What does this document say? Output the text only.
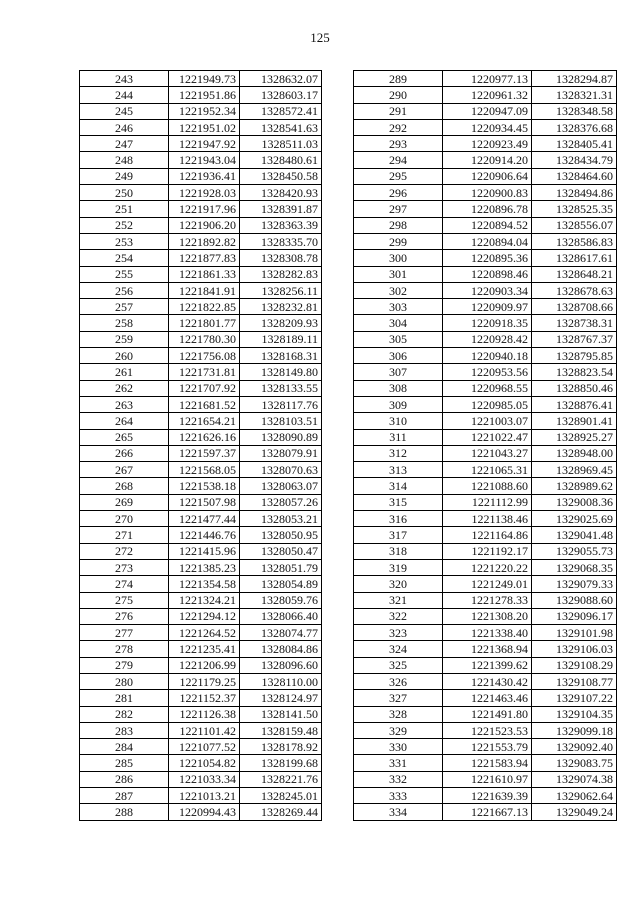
125
243	1221949.73	1328632.07
244	1221951.86	1328603.17
245	1221952.34	1328572.41
246	1221951.02	1328541.63
247	1221947.92	1328511.03
248	1221943.04	1328480.61
249	1221936.41	1328450.58
250	1221928.03	1328420.93
251	1221917.96	1328391.87
252	1221906.20	1328363.39
253	1221892.82	1328335.70
254	1221877.83	1328308.78
255	1221861.33	1328282.83
256	1221841.91	1328256.11
257	1221822.85	1328232.81
258	1221801.77	1328209.93
259	1221780.30	1328189.11
260	1221756.08	1328168.31
261	1221731.81	1328149.80
262	1221707.92	1328133.55
263	1221681.52	1328117.76
264	1221654.21	1328103.51
265	1221626.16	1328090.89
266	1221597.37	1328079.91
267	1221568.05	1328070.63
268	1221538.18	1328063.07
269	1221507.98	1328057.26
270	1221477.44	1328053.21
271	1221446.76	1328050.95
272	1221415.96	1328050.47
273	1221385.23	1328051.79
274	1221354.58	1328054.89
275	1221324.21	1328059.76
276	1221294.12	1328066.40
277	1221264.52	1328074.77
278	1221235.41	1328084.86
279	1221206.99	1328096.60
280	1221179.25	1328110.00
281	1221152.37	1328124.97
282	1221126.38	1328141.50
283	1221101.42	1328159.48
284	1221077.52	1328178.92
285	1221054.82	1328199.68
286	1221033.34	1328221.76
287	1221013.21	1328245.01
288	1220994.43	1328269.44
289	1220977.13	1328294.87
290	1220961.32	1328321.31
291	1220947.09	1328348.58
292	1220934.45	1328376.68
293	1220923.49	1328405.41
294	1220914.20	1328434.79
295	1220906.64	1328464.60
296	1220900.83	1328494.86
297	1220896.78	1328525.35
298	1220894.52	1328556.07
299	1220894.04	1328586.83
300	1220895.36	1328617.61
301	1220898.46	1328648.21
302	1220903.34	1328678.63
303	1220909.97	1328708.66
304	1220918.35	1328738.31
305	1220928.42	1328767.37
306	1220940.18	1328795.85
307	1220953.56	1328823.54
308	1220968.55	1328850.46
309	1220985.05	1328876.41
310	1221003.07	1328901.41
311	1221022.47	1328925.27
312	1221043.27	1328948.00
313	1221065.31	1328969.45
314	1221088.60	1328989.62
315	1221112.99	1329008.36
316	1221138.46	1329025.69
317	1221164.86	1329041.48
318	1221192.17	1329055.73
319	1221220.22	1329068.35
320	1221249.01	1329079.33
321	1221278.33	1329088.60
322	1221308.20	1329096.17
323	1221338.40	1329101.98
324	1221368.94	1329106.03
325	1221399.62	1329108.29
326	1221430.42	1329108.77
327	1221463.46	1329107.22
328	1221491.80	1329104.35
329	1221523.53	1329099.18
330	1221553.79	1329092.40
331	1221583.94	1329083.75
332	1221610.97	1329074.38
333	1221639.39	1329062.64
334	1221667.13	1329049.24
